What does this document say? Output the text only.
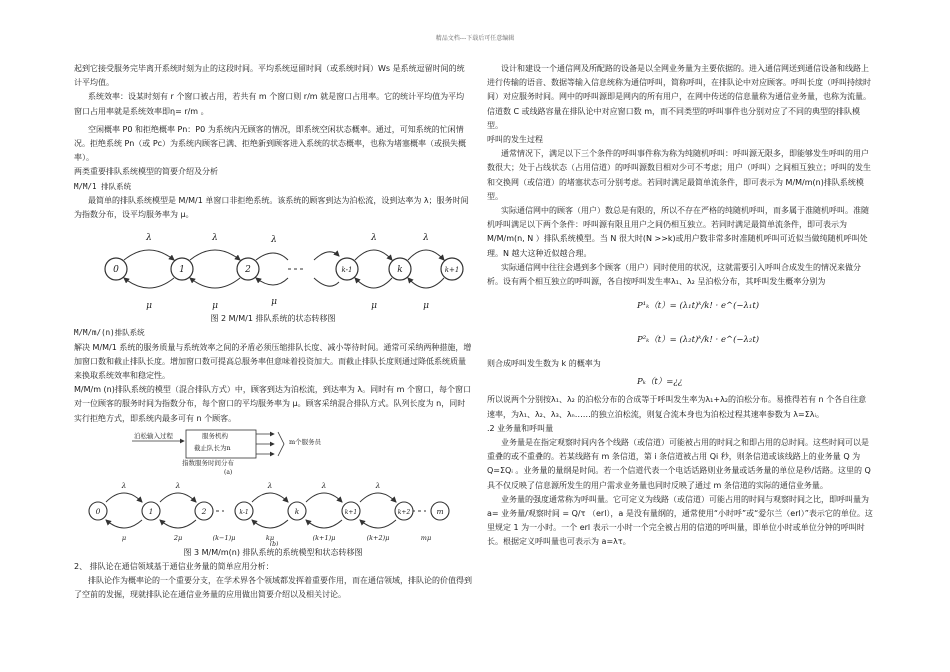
精品文档---下载后可任意编辑

起到它接受服务完毕离开系统时刻为止的这段时间。平均系统逗留时间（或系统时间）Ws 是系统逗留时间的统计平均值。

系统效率：设某时刻有 r 个窗口被占用，若共有 m 个窗口则 r/m 就是窗口占用率。它的统计平均值为平均窗口占用率就是系统效率即η= r/m 。

空闲概率 P0 和拒绝概率 Pn：P0 为系统内无顾客的情况，即系统空闲状态概率。通过，可知系统的忙闲情况。拒绝系统 Pn（或 Pc）为系统内顾客已满、拒绝新到顾客进入系统的状态概率，也称为堵塞概率（或损失概率）。

两类重要排队系统模型的简要介绍及分析

M/M/1 排队系统

最简单的排队系统模型是 M/M/1 单窗口非拒绝系统。该系统的顾客到达为泊松流，设到达率为 λ；服务时间为指数分布，设平均服务率为 μ。

0	1	2	k-1	k	k+1
λ	λ	λ	λ	λ
μ	μ	μ	μ	μ

图 2 M/M/1 排队系统的状态转移图

M/M/m/(n)排队系统

解决 M/M/1 系统的服务质量与系统效率之间的矛盾必须压缩排队长度、减小等待时间。通常可采纳两种措施，增加窗口数和截止排队长度。增加窗口数可提高总服务率但意味着投资加大。而截止排队长度则通过降低系统质量来换取系统效率和稳定性。

M/M/m (n)排队系统的模型（混合排队方式）中，顾客到达为泊松流，到达率为 λ。同时有 m 个窗口，每个窗口对一位顾客的服务时间为指数分布，每个窗口的平均服务率为 μ。顾客采纳混合排队方式。队列长度为 n，同时实行拒绝方式，即系统内最多可有 n 个顾客。

泊松输入过程	服务机构
截止队长为n
m个服务员
指数服务时间分布
(a)
0	1	2	k-1	k	k+1	k+2	m
λ	λ	λ	λ	λ
μ	2μ	(k−1)μ	kμ	(k+1)μ	(k+2)μ	mμ
(b)

图 3 M/M/m(n) 排队系统的系统模型和状态转移图

2、 排队论在通信领域基于通信业务量的简单应用分析：

排队论作为概率论的一个重要分支，在学术界各个领域都发挥着重要作用，而在通信领域，排队论的价值得到了空前的发掘，现就排队论在通信业务量的应用做出简要介绍以及相关讨论。

设计和建设一个通信网及所配路的设备是以全网业务量为主要依据的。进入通信网送到通信设备和线路上进行传输的语音、数据等输入信息统称为通信呼叫，简称呼叫，在排队论中对应顾客。呼叫长度（呼叫持续时间）对应服务时间。网中的呼叫源即是网内的所有用户，在网中传送的信息量称为通信业务量，也称为流量。信道数 C 或线路容量在排队论中对应窗口数 m，而不同类型的呼叫事件也分别对应了不同的典型的排队模型。

呼叫的发生过程

通常情况下，满足以下三个条件的呼叫事件称为称为纯随机呼叫：呼叫源无限多，即能够发生呼叫的用户数很大；处于占线状态（占用信道）的呼叫源数目相对少可不考虑；用户（呼叫）之间相互独立；呼叫的发生和交换网（或信道）的堵塞状态可分别考虑。若同时满足最简单流条件，即可表示为 M/M/m(n)排队系统模型。

实际通信网中的顾客（用户）数总是有限的，所以不存在严格的纯随机呼叫，而多属于准随机呼叫。准随机呼叫满足以下两个条件：呼叫源有限且用户之间仍相互独立。若同时满足最简单流条件，即可表示为 M/M/m(n, N ）排队系统模型。当 N 很大时(N >>k)或用户数非常多时准随机呼叫可近似当做纯随机呼叫处理。N 越大这种近似越合理。

实际通信网中往往会遇到多个顾客（用户）同时使用的状况，这就需要引入呼叫合成发生的情况来做分析。设有两个相互独立的呼叫源，各自按呼叫发生率λ₁、λ₂ 呈泊松分布，其呼叫发生概率分别为

P¹ₖ（t）= (λ₁t)ᵏ/k! · e^(−λ₁t)
P²ₖ（t）= (λ₂t)ᵏ/k! · e^(−λ₂t)

则合成呼叫发生数为 k 的概率为

Pₖ（t）=¿¿

所以说两个分别按λ₁、λ₂ 的泊松分布的合成等于呼叫发生率为λ₁+λ₂的泊松分布。易推得若有 n 个各自往意速率，为λ₁、λ₂、λ₃、λₙ……的独立泊松流，则复合流本身也为泊松过程其速率参数为 λ=Σλᵢ。

.2 业务量和呼叫量

业务量是在指定观察时间内各个线路（或信道）可能被占用的时间之和即占用的总时间。这些时间可以是重叠的或不重叠的。若某线路有 m 条信道，第 i 条信道被占用 Qi 秒，则条信道或该线路上的业务量 Q 为 Q=ΣQᵢ 。业务量的量纲是时间。若一个信道代表一个电话话路则业务量或话务量的单位是秒/话路。这里的 Q 具不仅反映了信息源所发生的用户需求业务量也同时反映了通过 m 条信道的实际的通信业务量。

业务量的强度通常称为呼叫量。它可定义为线路（或信道）可能占用的时间与观察时间之比，即呼叫量为 a= 业务量/观察时间 = Q/τ （erl），a 是没有量纲的，通常使用“小时呼”或“爱尔兰（erl）”表示它的单位。这里规定 1 为一小时。一个 erl 表示一小时一个完全被占用的信道的呼叫量，即单位小时或单位分钟的呼叫时长。根据定义呼叫量也可表示为 a=λτ。
